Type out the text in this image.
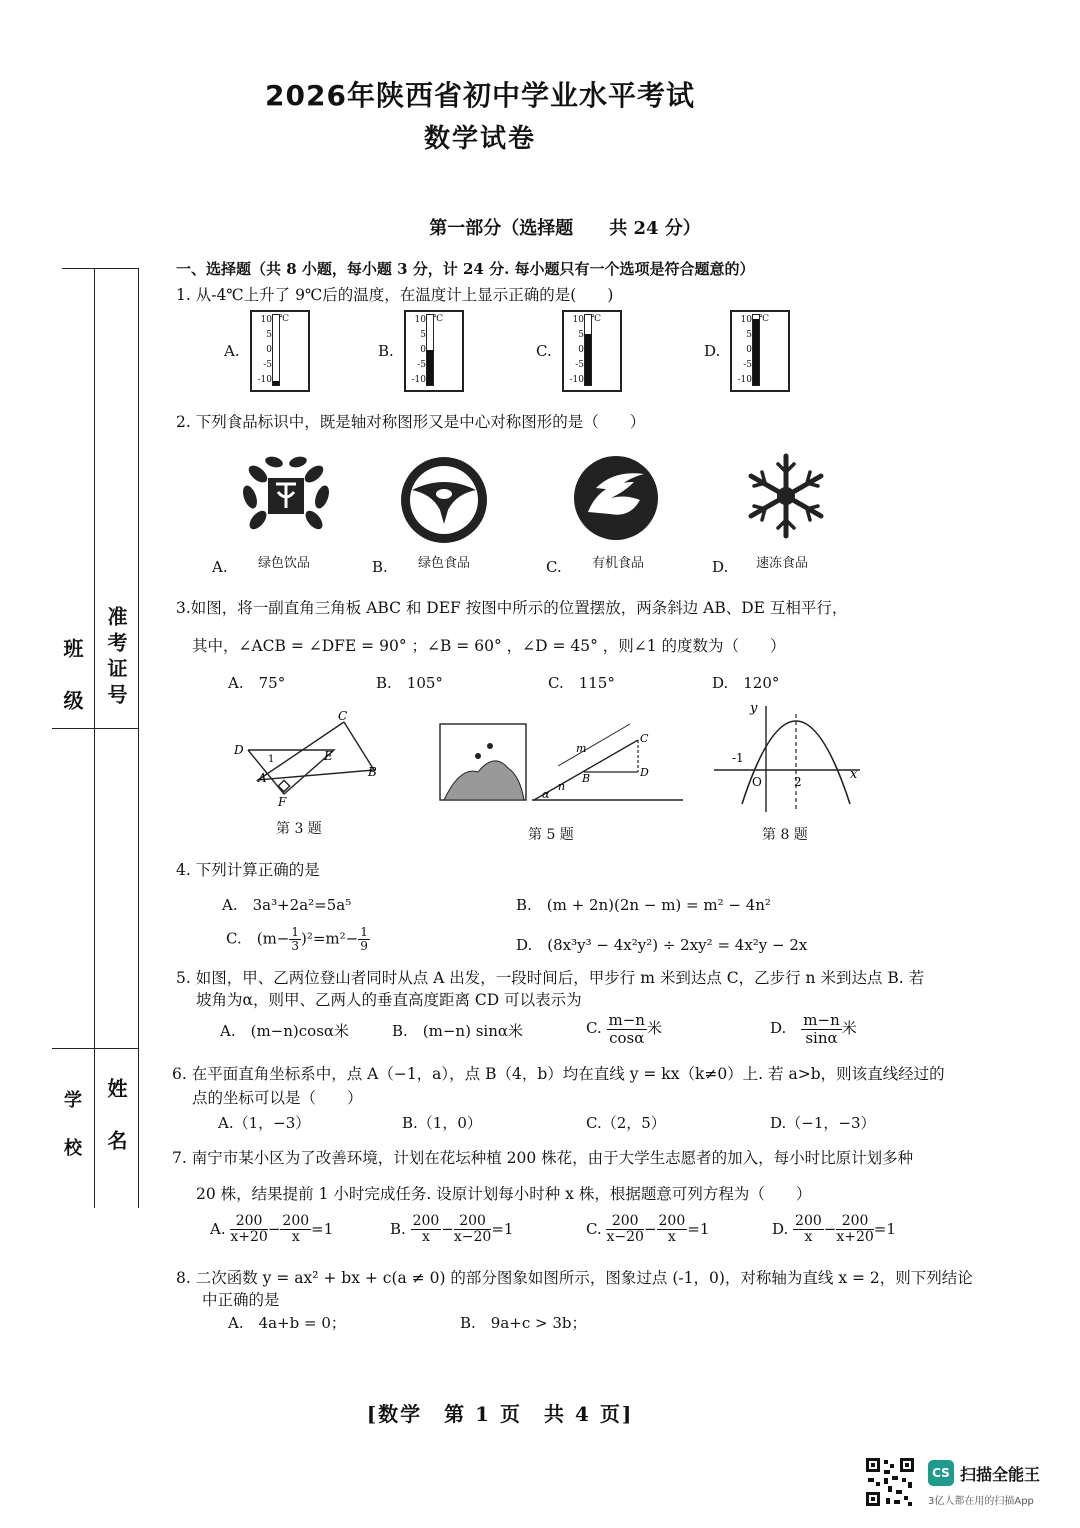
2026年陕西省初中学业水平考试
数学试卷
第一部分（选择题　　共 24 分）
一、选择题（共 8 小题，每小题 3 分，计 24 分. 每小题只有一个选项是符合题意的）
班　级 准考证号
学　校 姓　名
1. 从-4℃上升了 9℃后的温度，在温度计上显示正确的是(　　)
A.
10
5
0
-5
-10
℃
B.
10
5
0
-5
-10
℃
C.
10
5
0
-5
-10
℃
D.
10
5
0
-5
-10
℃
2. 下列食品标识中，既是轴对称图形又是中心对称图形的是（　　）
A. 绿色饮品	B. 绿色食品	C. 有机食品	D. 速冻食品
3.如图，将一副直角三角板 ABC 和 DEF 按图中所示的位置摆放，两条斜边 AB、DE 互相平行，
其中，∠ACB = ∠DFE = 90° ；∠B = 60° ，∠D = 45° ，则∠1 的度数为（　　）
A.　75°	B.　105°	C.　115°	D.　120°
C
D	E
1
A	B
F
第 3 题
C
m
B
n
α
D
第 5 题
y
-1
O	2	x
第 8 题
4. 下列计算正确的是
A.　3a³+2a²=5a⁵	B.　(m + 2n)(2n − m) = m² − 4n²
C.　$(m- \frac{1}{3} )^2=m^2- \frac{1}{9}$	D.　(8x³y³ − 4x²y²) ÷ 2xy² = 4x²y − 2x
5. 如图，甲、乙两位登山者同时从点 A 出发，一段时间后，甲步行 m 米到达点 C，乙步行 n 米到达点 B. 若
坡角为α，则甲、乙两人的垂直高度距离 CD 可以表示为
A.　(m−n)cosα米	B.　(m−n) sinα米	C. $\frac{m-n}{\cos\alpha}$ 米	D.　 $\frac{m-n}{\sin\alpha}$ 米
6. 在平面直角坐标系中，点 A（−1，a），点 B（4，b）均在直线 y = kx（k≠0）上. 若 a>b，则该直线经过的
点的坐标可以是（　　）
A.（1，−3）	B.（1，0）	C.（2，5）	D.（−1，−3）
7. 南宁市某小区为了改善环境，计划在花坛种植 200 株花，由于大学生志愿者的加入，每小时比原计划多种
20 株，结果提前 1 小时完成任务. 设原计划每小时种 x 株，根据题意可列方程为（　　）
A. $\frac{200}{x+20} - \frac{200}{x} =1$	B. $\frac{200}{x} - \frac{200}{x-20} =1$	C. $\frac{200}{x-20} - \frac{200}{x} =1$	D. $\frac{200}{x} - \frac{200}{x+20} =1$
8. 二次函数 y = ax² + bx + c(a ≠ 0) 的部分图象如图所示，图象过点 (-1，0)，对称轴为直线 x = 2，则下列结论
中正确的是
A.　4a+b = 0；	B.　9a+c > 3b；
[数学　第 1 页　共 4 页]
CS 扫描全能王
3亿人都在用的扫描App
